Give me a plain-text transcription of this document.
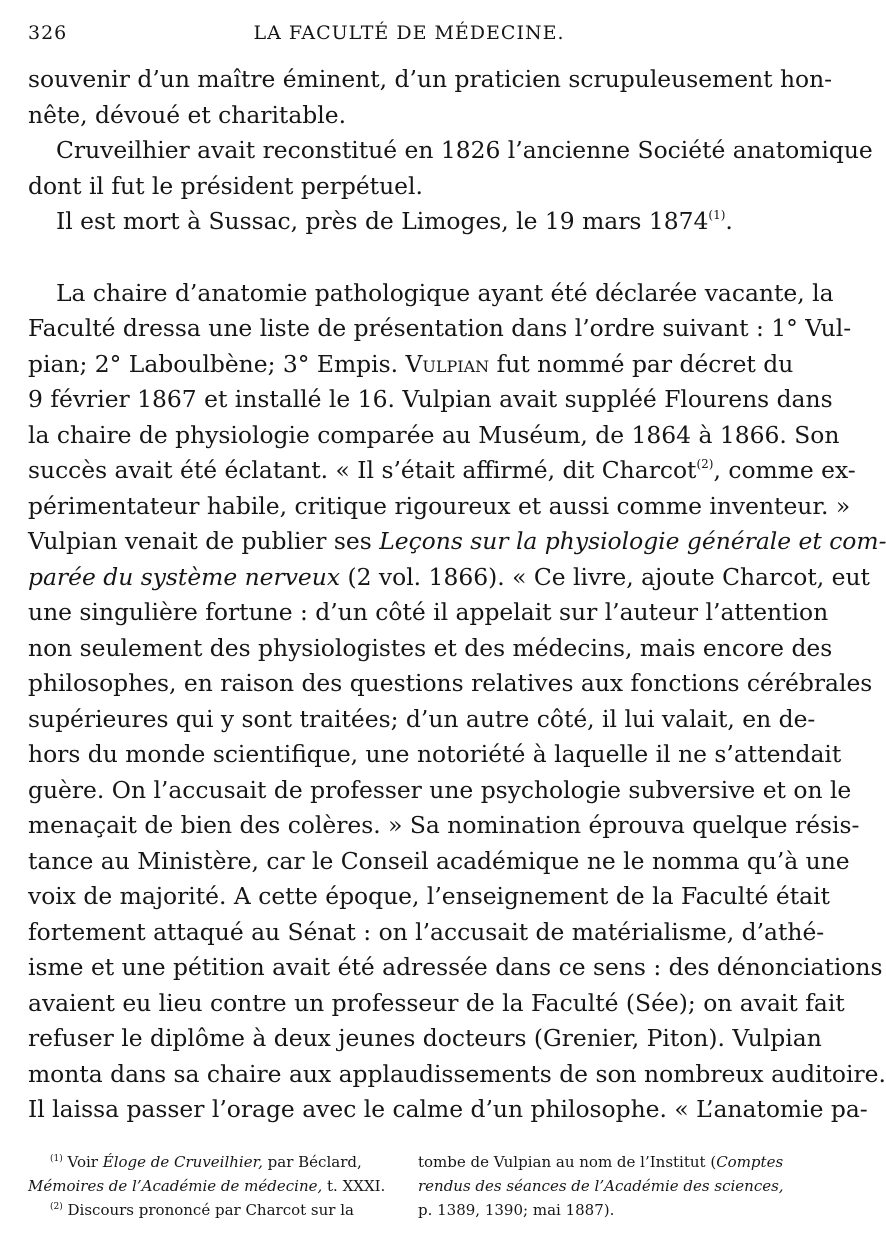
326	LA FACULTÉ DE MÉDECINE.
souvenir d’un maître éminent, d’un praticien scrupuleusement hon-
nête, dévoué et charitable.
Cruveilhier avait reconstitué en 1826 l’ancienne Société anatomique
dont il fut le président perpétuel.
Il est mort à Sussac, près de Limoges, le 19 mars 1874$^{(1)}$.
La chaire d’anatomie pathologique ayant été déclarée vacante, la
Faculté dressa une liste de présentation dans l’ordre suivant : 1° Vul-
pian; 2° Laboulbène; 3° Empis. Vulpian fut nommé par décret du
9 février 1867 et installé le 16. Vulpian avait suppléé Flourens dans
la chaire de physiologie comparée au Muséum, de 1864 à 1866. Son
succès avait été éclatant. « Il s’était affirmé, dit Charcot$^{(2)}$, comme ex-
périmentateur habile, critique rigoureux et aussi comme inventeur. »
Vulpian venait de publier ses Leçons sur la physiologie générale et com-
parée du système nerveux (2 vol. 1866). « Ce livre, ajoute Charcot, eut
une singulière fortune : d’un côté il appelait sur l’auteur l’attention
non seulement des physiologistes et des médecins, mais encore des
philosophes, en raison des questions relatives aux fonctions cérébrales
supérieures qui y sont traitées; d’un autre côté, il lui valait, en de-
hors du monde scientifique, une notoriété à laquelle il ne s’attendait
guère. On l’accusait de professer une psychologie subversive et on le
menaçait de bien des colères. » Sa nomination éprouva quelque résis-
tance au Ministère, car le Conseil académique ne le nomma qu’à une
voix de majorité. A cette époque, l’enseignement de la Faculté était
fortement attaqué au Sénat : on l’accusait de matérialisme, d’athé-
isme et une pétition avait été adressée dans ce sens : des dénonciations
avaient eu lieu contre un professeur de la Faculté (Sée); on avait fait
refuser le diplôme à deux jeunes docteurs (Grenier, Piton). Vulpian
monta dans sa chaire aux applaudissements de son nombreux auditoire.
Il laissa passer l’orage avec le calme d’un philosophe. « L’anatomie pa-
$^{(1)}$ Voir Éloge de Cruveilhier, par Béclard,
Mémoires de l’Académie de médecine, t. XXXI.
$^{(2)}$ Discours prononcé par Charcot sur la
tombe de Vulpian au nom de l’Institut (Comptes
rendus des séances de l’Académie des sciences,
p. 1389, 1390; mai 1887).
